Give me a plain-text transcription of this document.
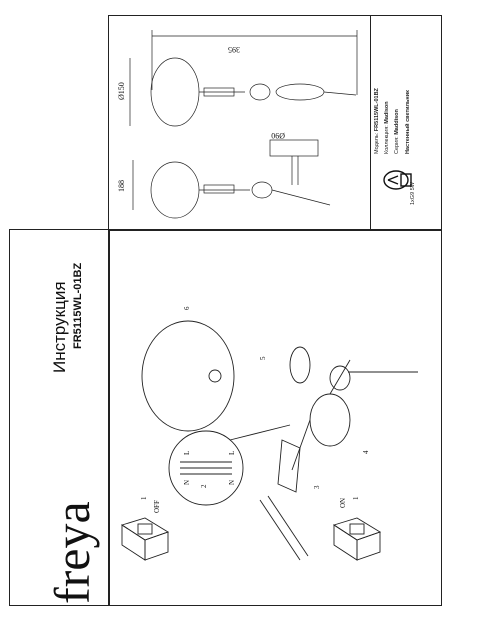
freya
Инструкция FR5115WL-01BZ
Модель: FR5115WL-01BZ
Коллекция: Madison
Серия: Maddison Настенный светильник
1xG9 5W
395
Ø150
188
Ø90
OFF
1	ON 1
L
N
L
N
2	3
4
5
6
